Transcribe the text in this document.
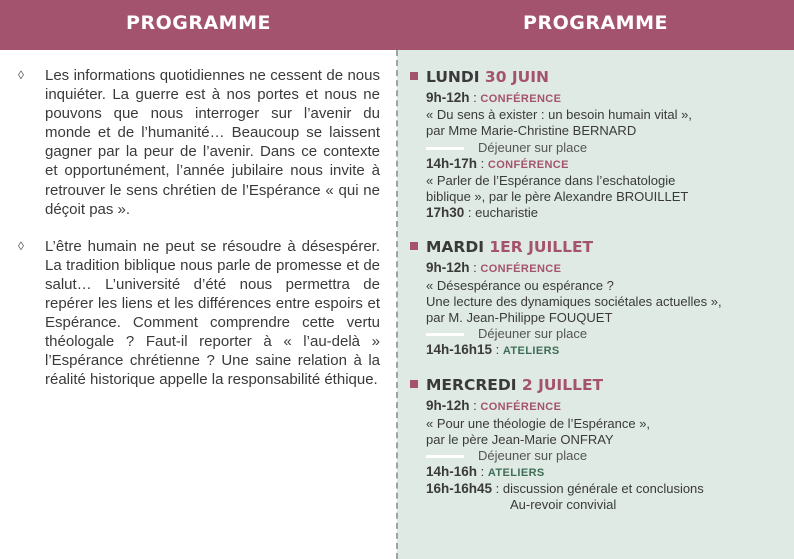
PROGRAMME	PROGRAMME
◊ Les informations quotidiennes ne cessent de nous inquiéter. La guerre est à nos portes et nous ne pouvons que nous interroger sur l’avenir du monde et de l’humanité… Beaucoup se laissent gagner par la peur de l’avenir. Dans ce contexte et opportunément, l’année jubilaire nous invite à retrouver le sens chrétien de l’Espérance « qui ne déçoit pas ».
◊ L’être humain ne peut se résoudre à désespérer. La tradition biblique nous parle de promesse et de salut… L’université d’été nous permettra de repérer les liens et les différences entre espoirs et Espérance. Comment comprendre cette vertu théologale ? Faut-il reporter à « l’au-delà » l’Espérance chrétienne ? Une saine relation à la réalité historique appelle la responsabilité éthique.
LUNDI 30 JUIN
9h-12h : CONFÉRENCE
« Du sens à exister : un besoin humain vital »,
par Mme Marie-Christine BERNARD
Déjeuner sur place
14h-17h : CONFÉRENCE
« Parler de l’Espérance dans l’eschatologie
biblique », par le père Alexandre BROUILLET
17h30 : eucharistie
MARDI 1ER JUILLET
9h-12h : CONFÉRENCE
« Désespérance ou espérance ?
Une lecture des dynamiques sociétales actuelles »,
par M. Jean-Philippe FOUQUET
Déjeuner sur place
14h-16h15 : ATELIERS
MERCREDI 2 JUILLET
9h-12h : CONFÉRENCE
« Pour une théologie de l’Espérance »,
par le père Jean-Marie ONFRAY
Déjeuner sur place
14h-16h : ATELIERS
16h-16h45 : discussion générale et conclusions
Au-revoir convivial
